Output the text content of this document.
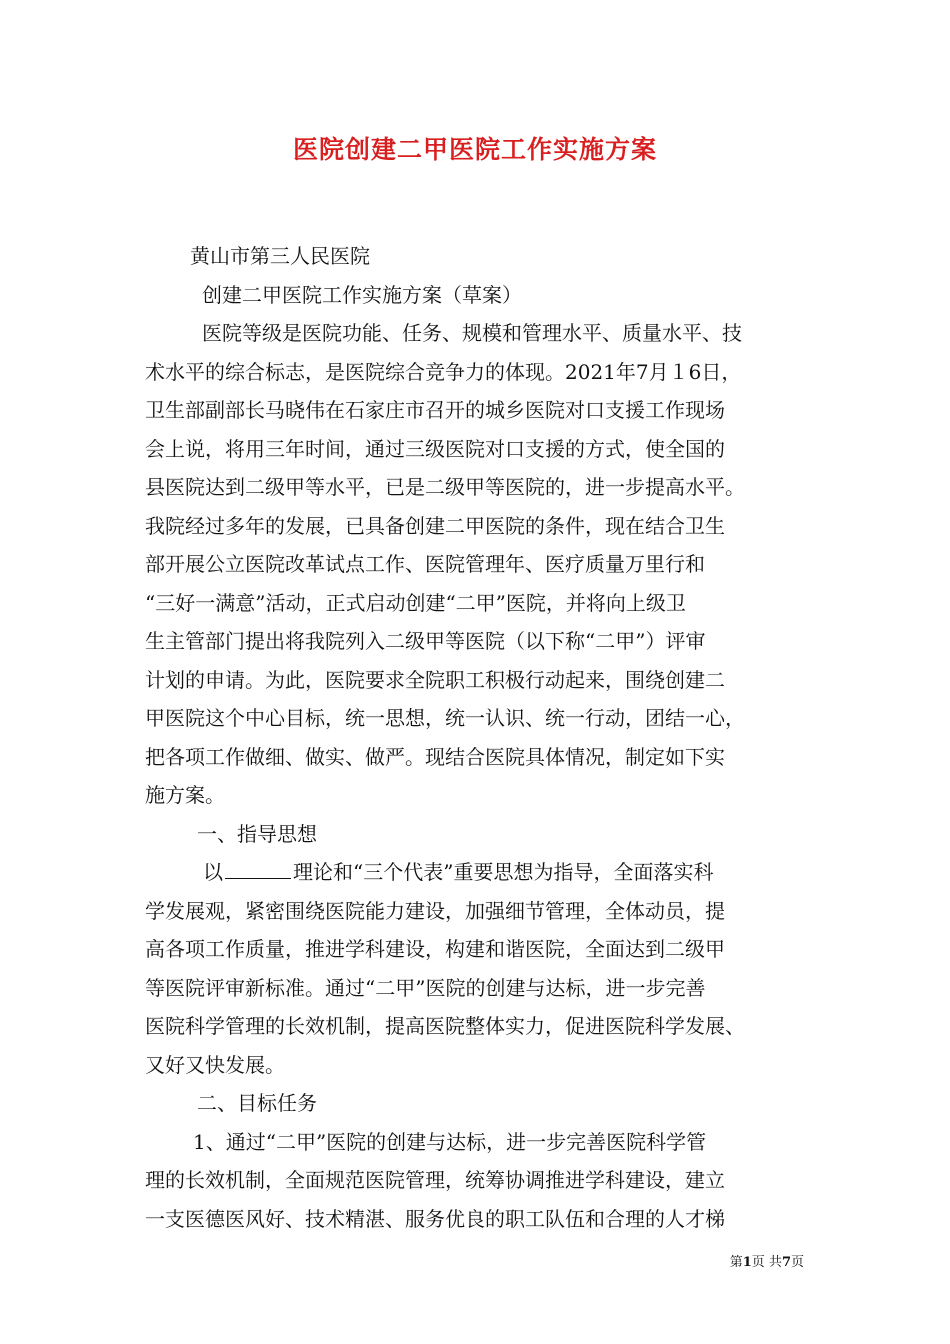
医院创建二甲医院工作实施方案
黄山市第三人民医院
创建二甲医院工作实施方案（草案）
医院等级是医院功能、任务、规模和管理水平、质量水平、技
术水平的综合标志，是医院综合竞争力的体现。2021年7月１6日，
卫生部副部长马晓伟在石家庄市召开的城乡医院对口支援工作现场
会上说，将用三年时间，通过三级医院对口支援的方式，使全国的
县医院达到二级甲等水平，已是二级甲等医院的，进一步提高水平。
我院经过多年的发展，已具备创建二甲医院的条件，现在结合卫生
部开展公立医院改革试点工作、医院管理年、医疗质量万里行和
“三好一满意”活动，正式启动创建“二甲”医院，并将向上级卫
生主管部门提出将我院列入二级甲等医院（以下称“二甲”）评审
计划的申请。为此，医院要求全院职工积极行动起来，围绕创建二
甲医院这个中心目标，统一思想，统一认识、统一行动，团结一心，
把各项工作做细、做实、做严。现结合医院具体情况，制定如下实
施方案。
一、指导思想
以	理论和“三个代表”重要思想为指导，全面落实科
学发展观，紧密围绕医院能力建设，加强细节管理，全体动员，提
高各项工作质量，推进学科建设，构建和谐医院，全面达到二级甲
等医院评审新标准。通过“二甲”医院的创建与达标，进一步完善
医院科学管理的长效机制，提高医院整体实力，促进医院科学发展、
又好又快发展。
二、目标任务
1、通过“二甲”医院的创建与达标，进一步完善医院科学管
理的长效机制，全面规范医院管理，统筹协调推进学科建设，建立
一支医德医风好、技术精湛、服务优良的职工队伍和合理的人才梯
第1页 共7页
